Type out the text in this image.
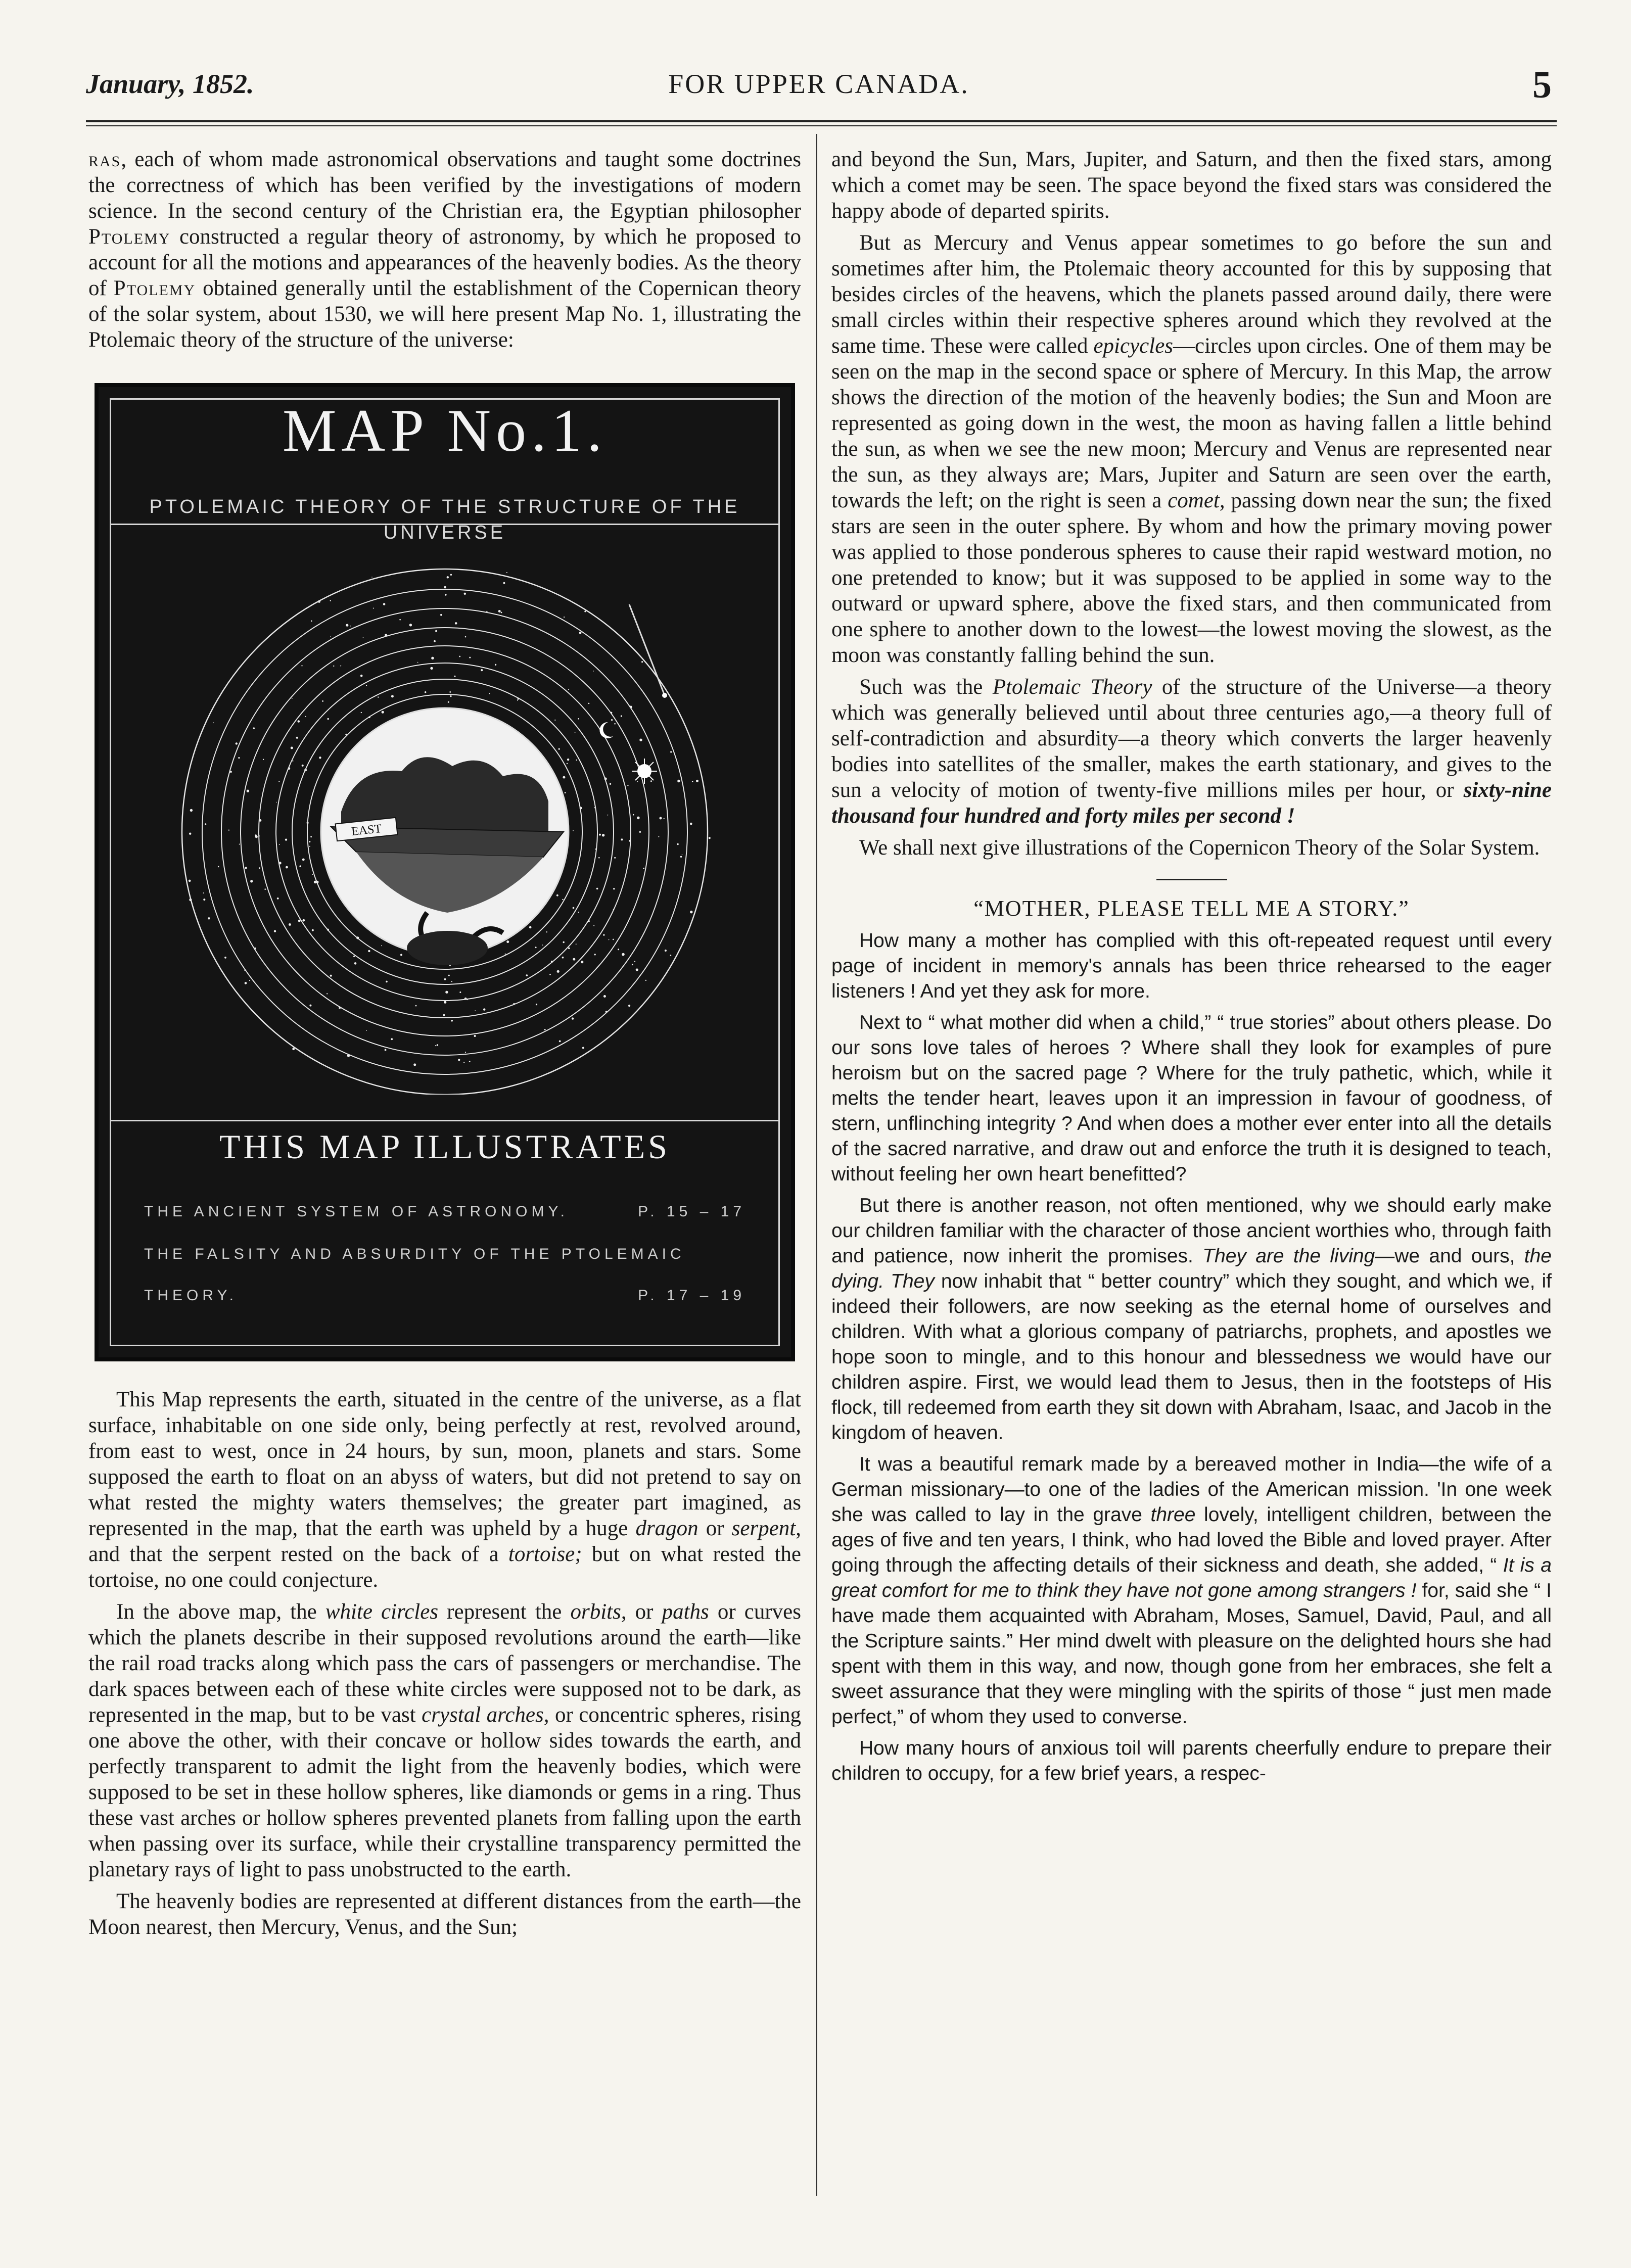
January, 1852.	FOR UPPER CANADA.	5

ras, each of whom made astronomical observations and taught some doctrines the correctness of which has been verified by the investigations of modern science. In the second century of the Christian era, the Egyptian philosopher Ptolemy constructed a regular theory of astronomy, by which he proposed to account for all the motions and appearances of the heavenly bodies. As the theory of Ptolemy obtained generally until the establishment of the Copernican theory of the solar system, about 1530, we will here present Map No. 1, illustrating the Ptolemaic theory of the structure of the universe:

MAP No.1.
PTOLEMAIC THEORY OF THE STRUCTURE OF THE UNIVERSE
EAST
THIS MAP ILLUSTRATES
THE ANCIENT SYSTEM OF ASTRONOMY.	P. 15 – 17
THE FALSITY AND ABSURDITY OF THE PTOLEMAIC
THEORY.	P. 17 – 19

This Map represents the earth, situated in the centre of the universe, as a flat surface, inhabitable on one side only, being perfectly at rest, revolved around, from east to west, once in 24 hours, by sun, moon, planets and stars. Some supposed the earth to float on an abyss of waters, but did not pretend to say on what rested the mighty waters themselves; the greater part imagined, as represented in the map, that the earth was upheld by a huge dragon or serpent, and that the serpent rested on the back of a tortoise; but on what rested the tortoise, no one could conjecture.

In the above map, the white circles represent the orbits, or paths or curves which the planets describe in their supposed revolutions around the earth—like the rail road tracks along which pass the cars of passengers or merchandise. The dark spaces between each of these white circles were supposed not to be dark, as represented in the map, but to be vast crystal arches, or concentric spheres, rising one above the other, with their concave or hollow sides towards the earth, and perfectly transparent to admit the light from the heavenly bodies, which were supposed to be set in these hollow spheres, like diamonds or gems in a ring. Thus these vast arches or hollow spheres prevented planets from falling upon the earth when passing over its surface, while their crystalline transparency permitted the planetary rays of light to pass unobstructed to the earth.

The heavenly bodies are represented at different distances from the earth—the Moon nearest, then Mercury, Venus, and the Sun;

and beyond the Sun, Mars, Jupiter, and Saturn, and then the fixed stars, among which a comet may be seen. The space beyond the fixed stars was considered the happy abode of departed spirits.

But as Mercury and Venus appear sometimes to go before the sun and sometimes after him, the Ptolemaic theory accounted for this by supposing that besides circles of the heavens, which the planets passed around daily, there were small circles within their respective spheres around which they revolved at the same time. These were called epicycles—circles upon circles. One of them may be seen on the map in the second space or sphere of Mercury. In this Map, the arrow shows the direction of the motion of the heavenly bodies; the Sun and Moon are represented as going down in the west, the moon as having fallen a little behind the sun, as when we see the new moon; Mercury and Venus are represented near the sun, as they always are; Mars, Jupiter and Saturn are seen over the earth, towards the left; on the right is seen a comet, passing down near the sun; the fixed stars are seen in the outer sphere. By whom and how the primary moving power was applied to those ponderous spheres to cause their rapid westward motion, no one pretended to know; but it was supposed to be applied in some way to the outward or upward sphere, above the fixed stars, and then communicated from one sphere to another down to the lowest—the lowest moving the slowest, as the moon was constantly falling behind the sun.

Such was the Ptolemaic Theory of the structure of the Universe—a theory which was generally believed until about three centuries ago,—a theory full of self-contradiction and absurdity—a theory which converts the larger heavenly bodies into satellites of the smaller, makes the earth stationary, and gives to the sun a velocity of motion of twenty-five millions miles per hour, or sixty-nine thousand four hundred and forty miles per second !

We shall next give illustrations of the Copernicon Theory of the Solar System.

“MOTHER, PLEASE TELL ME A STORY.”

How many a mother has complied with this oft-repeated request until every page of incident in memory's annals has been thrice rehearsed to the eager listeners ! And yet they ask for more.

Next to “ what mother did when a child,” “ true stories” about others please. Do our sons love tales of heroes ? Where shall they look for examples of pure heroism but on the sacred page ? Where for the truly pathetic, which, while it melts the tender heart, leaves upon it an impression in favour of goodness, of stern, unflinching integrity ? And when does a mother ever enter into all the details of the sacred narrative, and draw out and enforce the truth it is designed to teach, without feeling her own heart benefitted?

But there is another reason, not often mentioned, why we should early make our children familiar with the character of those ancient worthies who, through faith and patience, now inherit the promises. They are the living—we and ours, the dying. They now inhabit that “ better country” which they sought, and which we, if indeed their followers, are now seeking as the eternal home of ourselves and children. With what a glorious company of patriarchs, prophets, and apostles we hope soon to mingle, and to this honour and blessedness we would have our children aspire. First, we would lead them to Jesus, then in the footsteps of His flock, till redeemed from earth they sit down with Abraham, Isaac, and Jacob in the kingdom of heaven.

It was a beautiful remark made by a bereaved mother in India—the wife of a German missionary—to one of the ladies of the American mission. 'In one week she was called to lay in the grave three lovely, intelligent children, between the ages of five and ten years, I think, who had loved the Bible and loved prayer. After going through the affecting details of their sickness and death, she added, “ It is a great comfort for me to think they have not gone among strangers ! for, said she “ I have made them acquainted with Abraham, Moses, Samuel, David, Paul, and all the Scripture saints.” Her mind dwelt with pleasure on the delighted hours she had spent with them in this way, and now, though gone from her embraces, she felt a sweet assurance that they were mingling with the spirits of those “ just men made perfect,” of whom they used to converse.

How many hours of anxious toil will parents cheerfully endure to prepare their children to occupy, for a few brief years, a respec-
